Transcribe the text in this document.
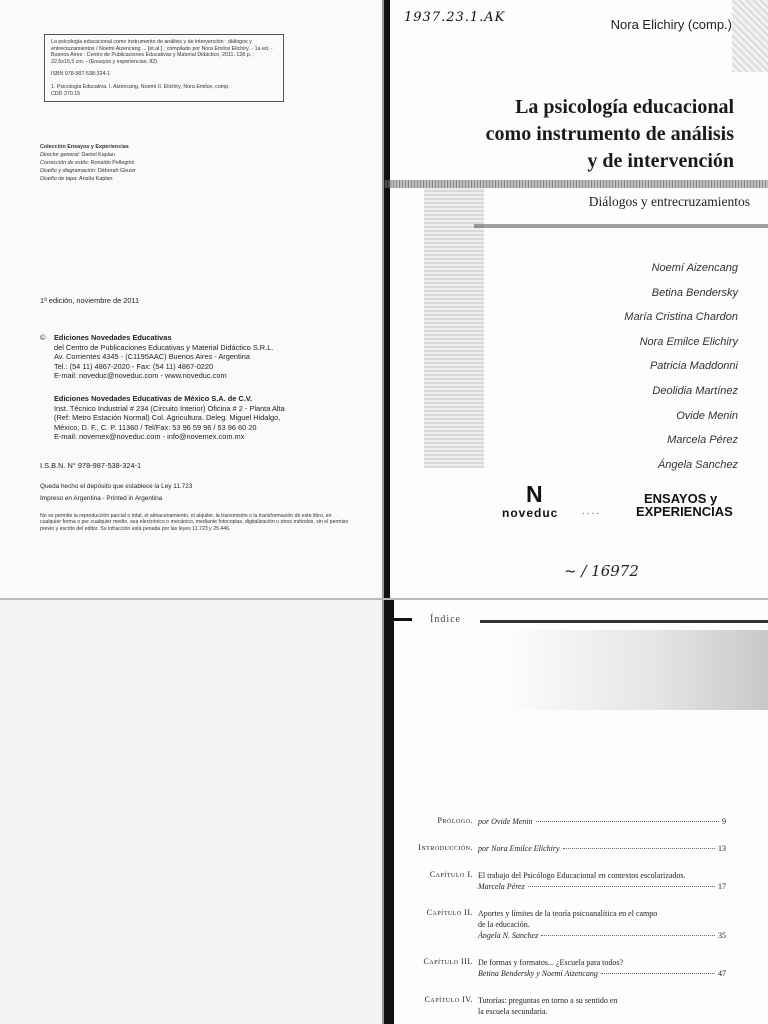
La psicología educacional como instrumento de análisis y de intervención : diálogos y entrecruzamientos / Noemí Aizencang ... [et.al.] ; compilado por Nora Emilce Elichiry. - 1a ed. - Buenos Aires : Centro de Publicaciones Educativas y Material Didáctico, 2011. 128 p. ; 22,5x15,5 cm. - (Ensayos y experiencias; 82)

ISBN 978-987-538-324-1

1. Psicología Educativa. I. Aizencang, Noemí II. Elichiry, Nora Emilce, comp.

CDD 370.15

Colección Ensayos y Experiencias
Director general: Daniel Kaplan
Corrección de estilo: Ronaldo Pellegrini
Diseño y diagramación: Déborah Glezer
Diseño de tapa: Analía Kaplan
1ª edición, noviembre de 2011
© Ediciones Novedades Educativas
del Centro de Publicaciones Educativas y Material Didáctico S.R.L.
Av. Corrientes 4345 - (C1195AAC) Buenos Aires - Argentina
Tel.: (54 11) 4867-2020 - Fax: (54 11) 4867-0220
E-mail: noveduc@noveduc.com - www.noveduc.com
Ediciones Novedades Educativas de México S.A. de C.V.
Inst. Técnico Industrial # 234 (Circuito Interior) Oficina # 2 - Planta Alta
(Ref: Metro Estación Normal) Col. Agricultura. Deleg. Miguel Hidalgo,
México, D. F., C. P. 11360 / Tel/Fax: 53 96 59 96 / 53 96 60 20
E-mail: novemex@noveduc.com - info@novemex.com.mx
I.S.B.N. N° 978-987-538-324-1
Queda hecho el depósito que establece la Ley 11.723
Impreso en Argentina - Printed in Argentina
No se permite la reproducción parcial o total, el almacenamiento, el alquiler, la transmisión o la transformación de este libro, en cualquier forma o por cualquier medio, sea electrónico o mecánico, mediante fotocopias, digitalización u otros métodos, sin el permiso previo y escrito del editor. Su infracción está penada por las leyes 11.723 y 25.446.
1937.23.1.AK	Nora Elichiry (comp.)
La psicología educacional
como instrumento de análisis
y de intervención
Diálogos y entrecruzamientos
Noemí Aizencang
Betina Bendersky
María Cristina Chardon
Nora Emilce Elichiry
Patricia Maddonni
Deolidia Martínez
Ovide Menin
Marcela Pérez
Ángela Sanchez
N
noveduc ....
ENSAYOS y
EXPERIENCIAS
~ / 16972
Índice
Prólogo. por Ovide Menin	9
Introducción. por Nora Emilce Elichiry	13
Capítulo I. El trabajo del Psicólogo Educacional en contextos escolarizados.
Marcela Pérez	17
Capítulo II. Aportes y límites de la teoría psicoanalítica en el campo
de la educación.
Ángela N. Sanchez	35
Capítulo III. De formas y formatos... ¿Escuela para todos?
Betina Bendersky y Noemí Aizencang	47
Capítulo IV. Tutorías: preguntas en torno a su sentido en
la escuela secundaria.
